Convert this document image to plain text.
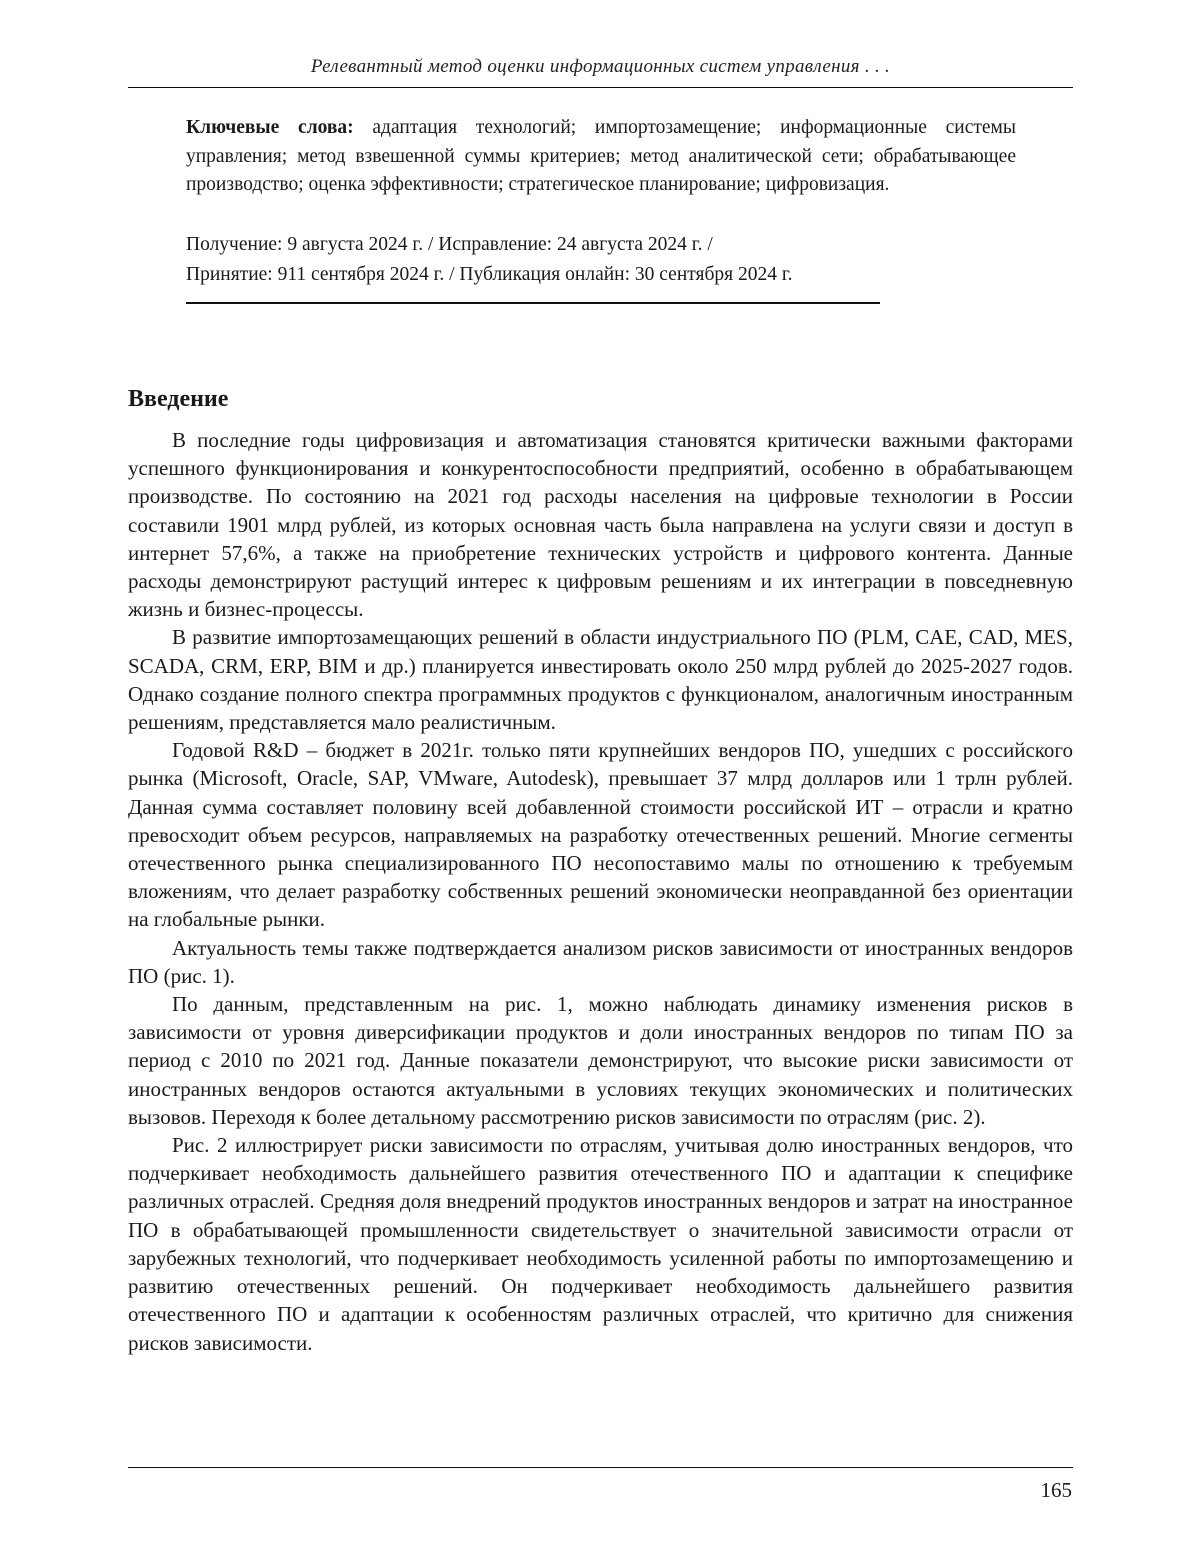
Релевантный метод оценки информационных систем управления . . .
Ключевые слова: адаптация технологий; импортозамещение; информационные системы управления; метод взвешенной суммы критериев; метод аналитической сети; обрабатывающее производство; оценка эффективности; стратегическое планирование; цифровизация.
Получение: 9 августа 2024 г. / Исправление: 24 августа 2024 г. /
Принятие: 911 сентября 2024 г. / Публикация онлайн: 30 сентября 2024 г.
Введение

В последние годы цифровизация и автоматизация становятся критически важными факторами успешного функционирования и конкурентоспособности предприятий, особенно в обрабатывающем производстве. По состоянию на 2021 год расходы населения на цифровые технологии в России составили 1901 млрд рублей, из которых основная часть была направлена на услуги связи и доступ в интернет 57,6%, а также на приобретение технических устройств и цифрового контента. Данные расходы демонстрируют растущий интерес к цифровым решениям и их интеграции в повседневную жизнь и бизнес-процессы.

В развитие импортозамещающих решений в области индустриального ПО (PLM, CAE, CAD, MES, SCADA, CRM, ERP, BIM и др.) планируется инвестировать около 250 млрд рублей до 2025-2027 годов. Однако создание полного спектра программных продуктов с функционалом, аналогичным иностранным решениям, представляется мало реалистичным.

Годовой R&D – бюджет в 2021г. только пяти крупнейших вендоров ПО, ушедших с российского рынка (Microsoft, Oracle, SAP, VMware, Autodesk), превышает 37 млрд долларов или 1 трлн рублей. Данная сумма составляет половину всей добавленной стоимости российской ИТ – отрасли и кратно превосходит объем ресурсов, направляемых на разработку отечественных решений. Многие сегменты отечественного рынка специализированного ПО несопоставимо малы по отношению к требуемым вложениям, что делает разработку собственных решений экономически неоправданной без ориентации на глобальные рынки.

Актуальность темы также подтверждается анализом рисков зависимости от иностранных вендоров ПО (рис. 1).

По данным, представленным на рис. 1, можно наблюдать динамику изменения рисков в зависимости от уровня диверсификации продуктов и доли иностранных вендоров по типам ПО за период с 2010 по 2021 год. Данные показатели демонстрируют, что высокие риски зависимости от иностранных вендоров остаются актуальными в условиях текущих экономических и политических вызовов. Переходя к более детальному рассмотрению рисков зависимости по отраслям (рис. 2).

Рис. 2 иллюстрирует риски зависимости по отраслям, учитывая долю иностранных вендоров, что подчеркивает необходимость дальнейшего развития отечественного ПО и адаптации к специфике различных отраслей. Средняя доля внедрений продуктов иностранных вендоров и затрат на иностранное ПО в обрабатывающей промышленности свидетельствует о значительной зависимости отрасли от зарубежных технологий, что подчеркивает необходимость усиленной работы по импортозамещению и развитию отечественных решений. Он подчеркивает необходимость дальнейшего развития отечественного ПО и адаптации к особенностям различных отраслей, что критично для снижения рисков зависимости.

165
